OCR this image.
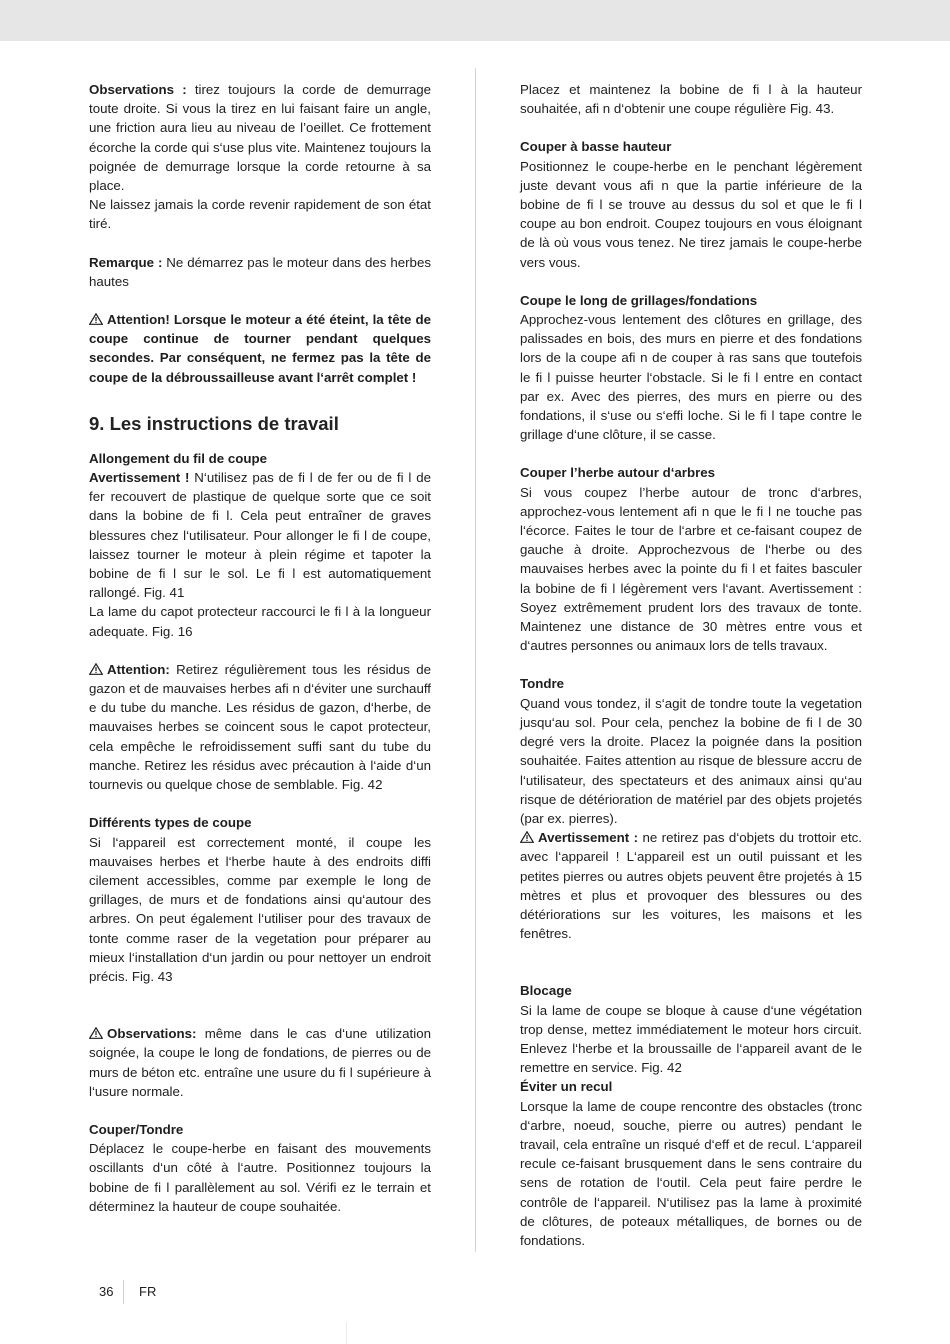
Observations : tirez toujours la corde de demurrage toute droite. Si vous la tirez en lui faisant faire un angle, une friction aura lieu au niveau de l’oeillet. Ce frottement écorche la corde qui s‘use plus vite. Maintenez toujours la poignée de demurrage lorsque la corde retourne à sa place.

Ne laissez jamais la corde revenir rapidement de son état tiré.

Remarque : Ne démarrez pas le moteur dans des herbes hautes

Attention! Lorsque le moteur a été éteint, la tête de coupe continue de tourner pendant quelques secondes. Par conséquent, ne fermez pas la tête de coupe de la débroussailleuse avant l‘arrêt complet !

9. Les instructions de travail

Allongement du fil de coupe

Avertissement ! N‘utilisez pas de fi l de fer ou de fi l de fer recouvert de plastique de quelque sorte que ce soit dans la bobine de fi l. Cela peut entraîner de graves blessures chez l‘utilisateur. Pour allonger le fi l de coupe, laissez tourner le moteur à plein régime et tapoter la bobine de fi l sur le sol. Le fi l est automatiquement rallongé. Fig. 41

La lame du capot protecteur raccourci le fi l à la longueur adequate. Fig. 16

Attention: Retirez régulièrement tous les résidus de gazon et de mauvaises herbes afi n d‘éviter une surchauff e du tube du manche. Les résidus de gazon, d‘herbe, de mauvaises herbes se coincent sous le capot protecteur, cela empêche le refroidissement suffi sant du tube du manche. Retirez les résidus avec précaution à l‘aide d‘un tournevis ou quelque chose de semblable. Fig. 42

Différents types de coupe

Si l‘appareil est correctement monté, il coupe les mauvaises herbes et l‘herbe haute à des endroits diffi cilement accessibles, comme par exemple le long de grillages, de murs et de fondations ainsi qu‘autour des arbres. On peut également l‘utiliser pour des travaux de tonte comme raser de la vegetation pour préparer au mieux l‘installation d‘un jardin ou pour nettoyer un endroit précis. Fig. 43

Observations: même dans le cas d‘une utilization soignée, la coupe le long de fondations, de pierres ou de murs de béton etc. entraîne une usure du fi l supérieure à l‘usure normale.

Couper/Tondre

Déplacez le coupe-herbe en faisant des mouvements oscillants d‘un côté à l‘autre. Positionnez toujours la bobine de fi l parallèlement au sol. Vérifi ez le terrain et déterminez la hauteur de coupe souhaitée.

Placez et maintenez la bobine de fi l à la hauteur souhaitée, afi n d‘obtenir une coupe régulière Fig. 43.

Couper à basse hauteur

Positionnez le coupe-herbe en le penchant légèrement juste devant vous afi n que la partie inférieure de la bobine de fi l se trouve au dessus du sol et que le fi l coupe au bon endroit. Coupez toujours en vous éloignant de là où vous vous tenez. Ne tirez jamais le coupe-herbe vers vous.

Coupe le long de grillages/fondations

Approchez-vous lentement des clôtures en grillage, des palissades en bois, des murs en pierre et des fondations lors de la coupe afi n de couper à ras sans que toutefois le fi l puisse heurter l‘obstacle. Si le fi l entre en contact par ex. Avec des pierres, des murs en pierre ou des fondations, il s‘use ou s‘effi loche. Si le fi l tape contre le grillage d‘une clôture, il se casse.

Couper l’herbe autour d‘arbres

Si vous coupez l’herbe autour de tronc d‘arbres, approchez-vous lentement afi n que le fi l ne touche pas l‘écorce. Faites le tour de l‘arbre et ce-faisant coupez de gauche à droite. Approchezvous de l‘herbe ou des mauvaises herbes avec la pointe du fi l et faites basculer la bobine de fi l légèrement vers l‘avant. Avertissement : Soyez extrêmement prudent lors des travaux de tonte. Maintenez une distance de 30 mètres entre vous et d‘autres personnes ou animaux lors de tells travaux.

Tondre

Quand vous tondez, il s‘agit de tondre toute la vegetation jusqu‘au sol. Pour cela, penchez la bobine de fi l de 30 degré vers la droite. Placez la poignée dans la position souhaitée. Faites attention au risque de blessure accru de l‘utilisateur, des spectateurs et des animaux ainsi qu‘au risque de détérioration de matériel par des objets projetés (par ex. pierres).

Avertissement : ne retirez pas d‘objets du trottoir etc. avec l‘appareil ! L‘appareil est un outil puissant et les petites pierres ou autres objets peuvent être projetés à 15 mètres et plus et provoquer des blessures ou des détériorations sur les voitures, les maisons et les fenêtres.

Blocage

Si la lame de coupe se bloque à cause d‘une végétation trop dense, mettez immédiatement le moteur hors circuit. Enlevez l‘herbe et la broussaille de l‘appareil avant de le remettre en service. Fig. 42

Éviter un recul

Lorsque la lame de coupe rencontre des obstacles (tronc d‘arbre, noeud, souche, pierre ou autres) pendant le travail, cela entraîne un risqué d‘eff et de recul. L‘appareil recule ce-faisant brusquement dans le sens contraire du sens de rotation de l‘outil. Cela peut faire perdre le contrôle de l‘appareil. N‘utilisez pas la lame à proximité de clôtures, de poteaux métalliques, de bornes ou de fondations.

36 FR
